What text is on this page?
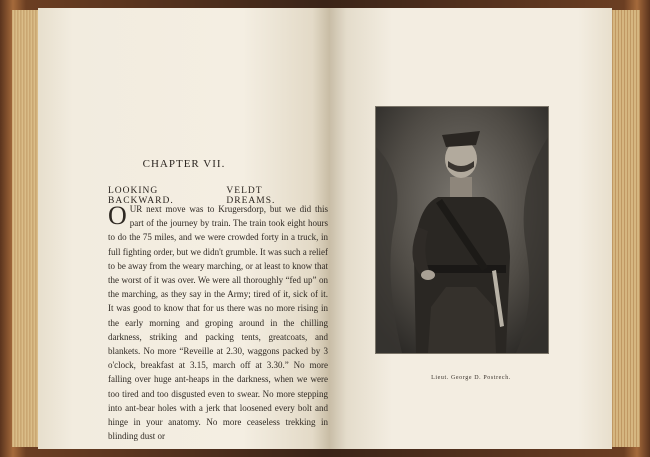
CHAPTER VII.
LOOKING BACKWARD.
VELDT DREAMS.
OUR next move was to Krugersdorp, but we did this part of the journey by train. The train took eight hours to do the 75 miles, and we were crowded forty in a truck, in full fighting order, but we didn't grumble. It was such a relief to be away from the weary marching, or at least to know that the worst of it was over. We were all thoroughly “fed up” on the marching, as they say in the Army; tired of it, sick of it. It was good to know that for us there was no more rising in the early morning and groping around in the chilling darkness, striking and packing tents, greatcoats, and blankets. No more “Reveille at 2.30, waggons packed by 3 o'clock, breakfast at 3.15, march off at 3.30.” No more falling over huge ant-heaps in the darkness, when we were too tired and too disgusted even to swear. No more stepping into ant-bear holes with a jerk that loosened every bolt and hinge in your anatomy. No more ceaseless trekking in blinding dust or
Lieut. George D. Postrech.
